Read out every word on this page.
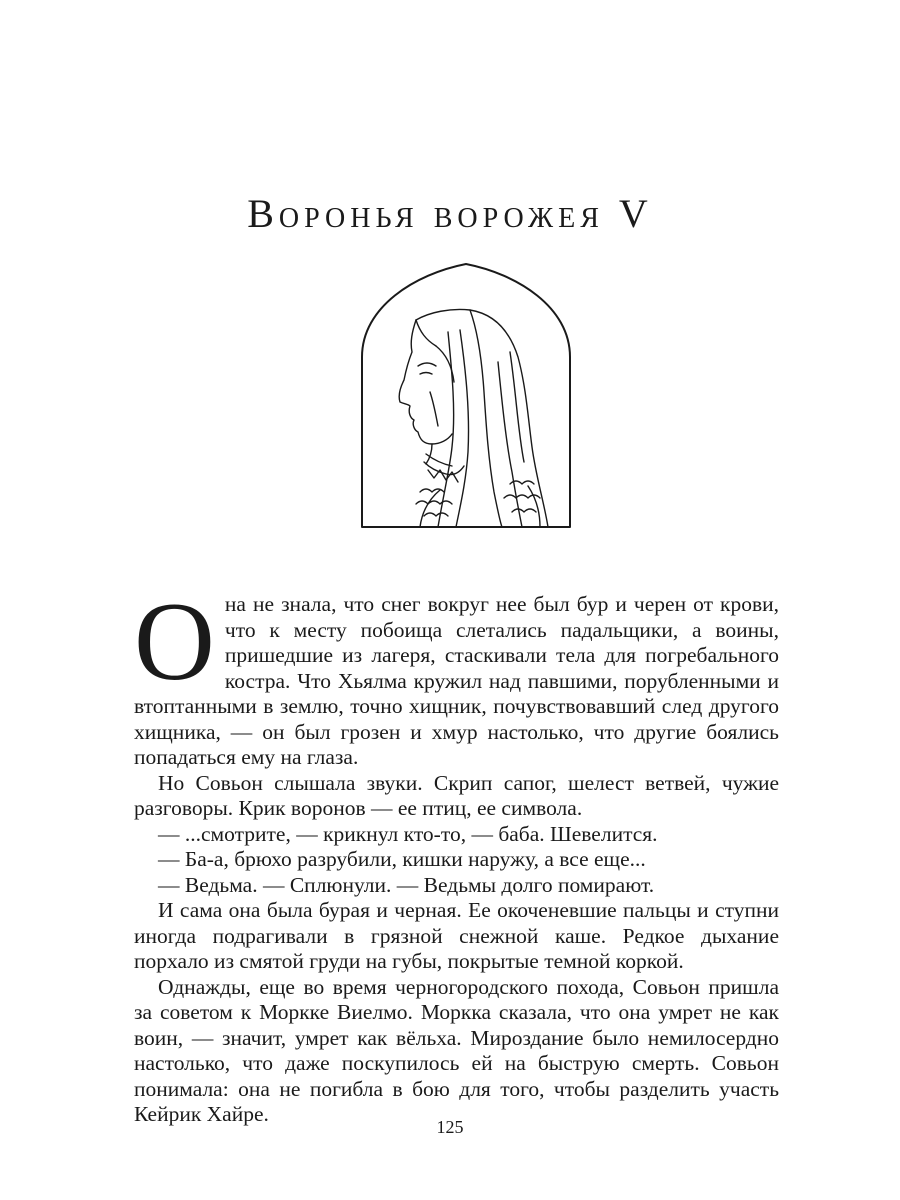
Воронья ворожея V

Она не знала, что снег вокруг нее был бур и черен от крови, что к месту побоища слетались падальщики, а воины, пришедшие из лагеря, стаскивали тела для погребального костра. Что Хьялма кружил над павшими, порубленными и втоптанными в землю, точно хищник, почувствовавший след другого хищника, — он был грозен и хмур настолько, что другие боялись попадаться ему на глаза.

Но Совьон слышала звуки. Скрип сапог, шелест ветвей, чужие разговоры. Крик воронов — ее птиц, ее символа.

— ...смотрите, — крикнул кто-то, — баба. Шевелится.

— Ба-а, брюхо разрубили, кишки наружу, а все еще...

— Ведьма. — Сплюнули. — Ведьмы долго помирают.

И сама она была бурая и черная. Ее окоченевшие пальцы и ступни иногда подрагивали в грязной снежной каше. Редкое дыхание порхало из смятой груди на губы, покрытые темной коркой.

Однажды, еще во время черногородского похода, Совьон пришла за советом к Моркке Виелмо. Моркка сказала, что она умрет не как воин, — значит, умрет как вёльха. Мироздание было немилосердно настолько, что даже поскупилось ей на быструю смерть. Совьон понимала: она не погибла в бою для того, чтобы разделить участь Кейрик Хайре.

125
